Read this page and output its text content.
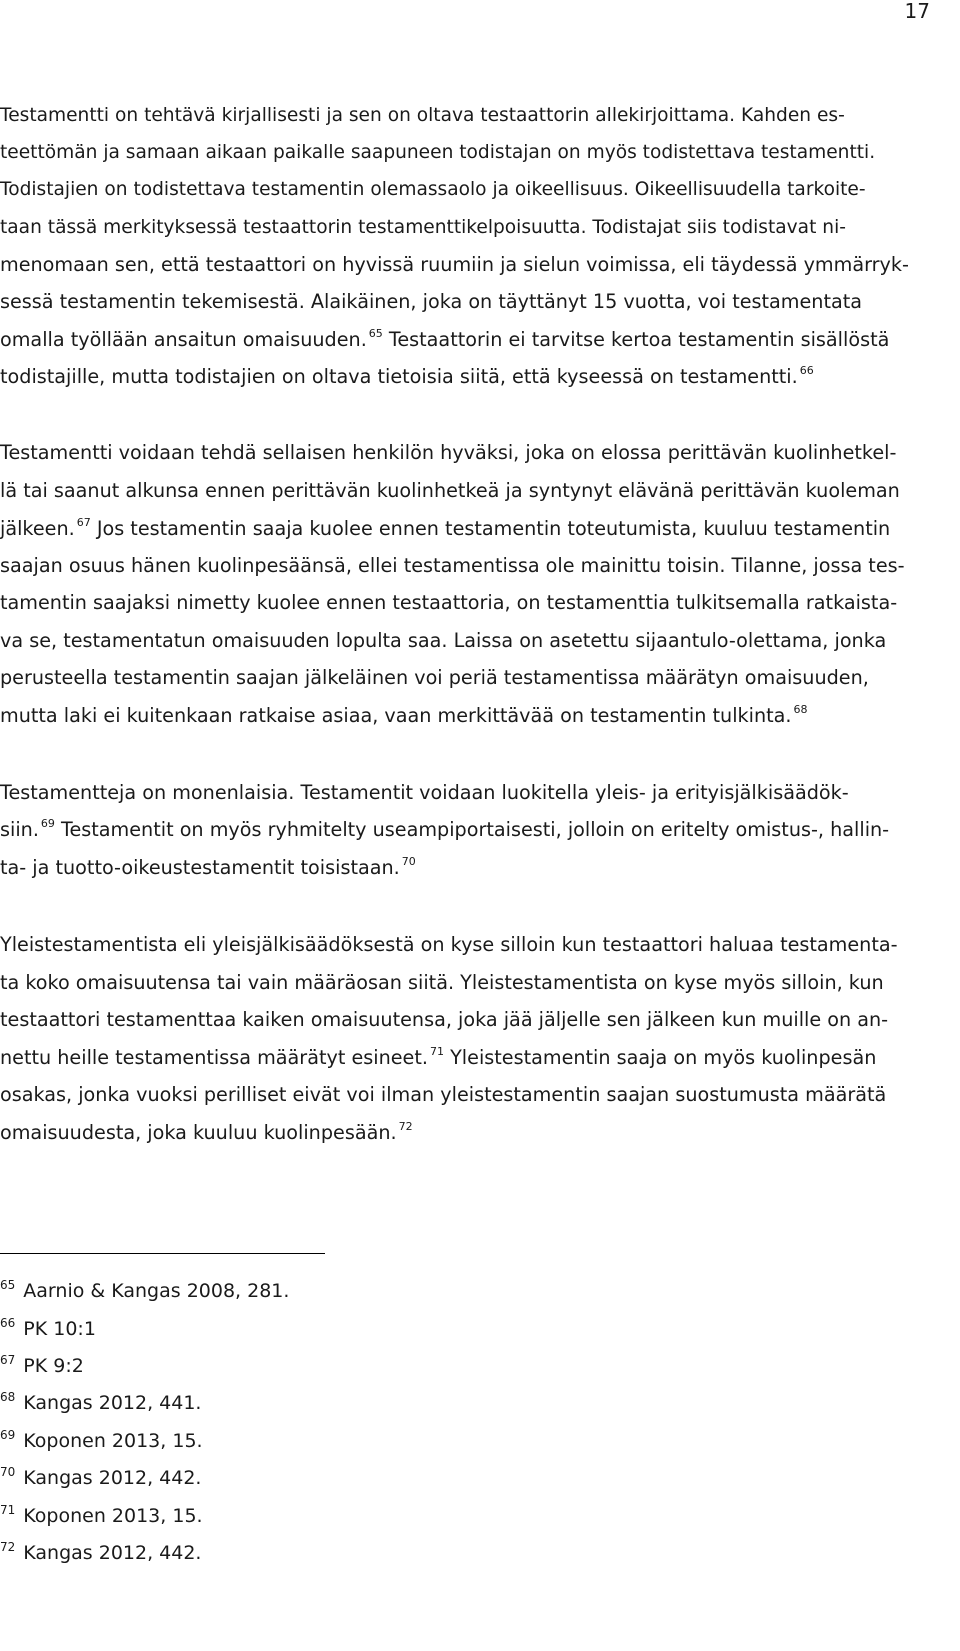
17
Testamentti on tehtävä kirjallisesti ja sen on oltava testaattorin allekirjoittama. Kahden es-
teettömän ja samaan aikaan paikalle saapuneen todistajan on myös todistettava testamentti.
Todistajien on todistettava testamentin olemassaolo ja oikeellisuus. Oikeellisuudella tarkoite-
taan tässä merkityksessä testaattorin testamenttikelpoisuutta. Todistajat siis todistavat ni-
menomaan sen, että testaattori on hyvissä ruumiin ja sielun voimissa, eli täydessä ymmärryk-
sessä testamentin tekemisestä. Alaikäinen, joka on täyttänyt 15 vuotta, voi testamentata
omalla työllään ansaitun omaisuuden. $^{65}$ Testaattorin ei tarvitse kertoa testamentin sisällöstä
todistajille, mutta todistajien on oltava tietoisia siitä, että kyseessä on testamentti. $^{66}$
Testamentti voidaan tehdä sellaisen henkilön hyväksi, joka on elossa perittävän kuolinhetkel-
lä tai saanut alkunsa ennen perittävän kuolinhetkeä ja syntynyt elävänä perittävän kuoleman
jälkeen. $^{67}$ Jos testamentin saaja kuolee ennen testamentin toteutumista, kuuluu testamentin
saajan osuus hänen kuolinpesäänsä, ellei testamentissa ole mainittu toisin. Tilanne, jossa tes-
tamentin saajaksi nimetty kuolee ennen testaattoria, on testamenttia tulkitsemalla ratkaista-
va se, testamentatun omaisuuden lopulta saa. Laissa on asetettu sijaantulo-olettama, jonka
perusteella testamentin saajan jälkeläinen voi periä testamentissa määrätyn omaisuuden,
mutta laki ei kuitenkaan ratkaise asiaa, vaan merkittävää on testamentin tulkinta. $^{68}$
Testamentteja on monenlaisia. Testamentit voidaan luokitella yleis- ja erityisjälkisäädök-
siin. $^{69}$ Testamentit on myös ryhmitelty useampiportaisesti, jolloin on eritelty omistus-, hallin-
ta- ja tuotto-oikeustestamentit toisistaan. $^{70}$
Yleistestamentista eli yleisjälkisäädöksestä on kyse silloin kun testaattori haluaa testamenta-
ta koko omaisuutensa tai vain määräosan siitä. Yleistestamentista on kyse myös silloin, kun
testaattori testamenttaa kaiken omaisuutensa, joka jää jäljelle sen jälkeen kun muille on an-
nettu heille testamentissa määrätyt esineet. $^{71}$ Yleistestamentin saaja on myös kuolinpesän
osakas, jonka vuoksi perilliset eivät voi ilman yleistestamentin saajan suostumusta määrätä
omaisuudesta, joka kuuluu kuolinpesään. $^{72}$
$^{65}$ Aarnio & Kangas 2008, 281.
$^{66}$ PK 10:1
$^{67}$ PK 9:2
$^{68}$ Kangas 2012, 441.
$^{69}$ Koponen 2013, 15.
$^{70}$ Kangas 2012, 442.
$^{71}$ Koponen 2013, 15.
$^{72}$ Kangas 2012, 442.
